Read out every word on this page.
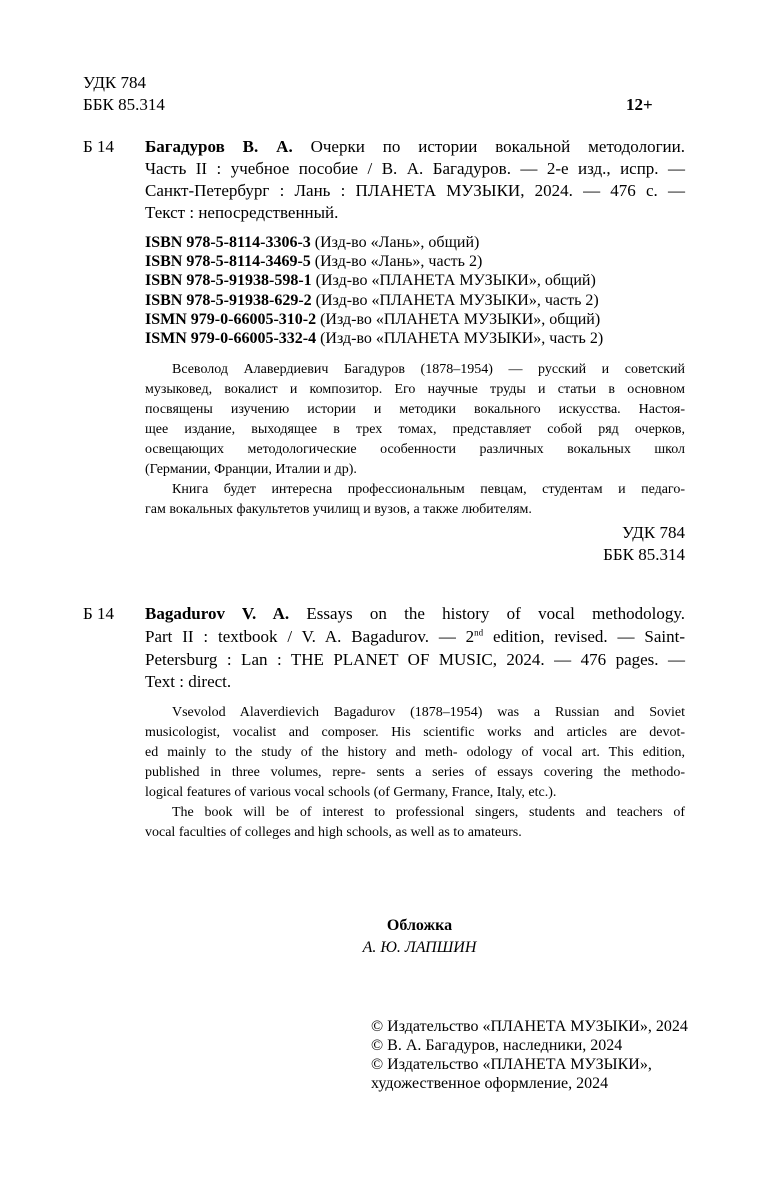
УДК 784
ББК 85.314	12+
Б 14 Багадуров В. А. Очерки по истории вокальной методологии.
Часть II : учебное пособие / В. А. Багадуров. — 2-е изд., испр. —
Санкт-Петербург : Лань : ПЛАНЕТА МУЗЫКИ, 2024. — 476 с. —
Текст : непосредственный.
ISBN 978-5-8114-3306-3 (Изд-во «Лань», общий)
ISBN 978-5-8114-3469-5 (Изд-во «Лань», часть 2)
ISBN 978-5-91938-598-1 (Изд-во «ПЛАНЕТА МУЗЫКИ», общий)
ISBN 978-5-91938-629-2 (Изд-во «ПЛАНЕТА МУЗЫКИ», часть 2)
ISMN 979-0-66005-310-2 (Изд-во «ПЛАНЕТА МУЗЫКИ», общий)
ISMN 979-0-66005-332-4 (Изд-во «ПЛАНЕТА МУЗЫКИ», часть 2)
Всеволод Алавердиевич Багадуров (1878–1954) — русский и советский
музыковед, вокалист и композитор. Его научные труды и статьи в основном
посвящены изучению истории и методики вокального искусства. Настоя-
щее издание, выходящее в трех томах, представляет собой ряд очерков,
освещающих методологические особенности различных вокальных школ
(Германии, Франции, Италии и др).
Книга будет интересна профессиональным певцам, студентам и педаго-
гам вокальных факультетов училищ и вузов, а также любителям.
УДК 784
ББК 85.314
Б 14 Bagadurov V. A. Essays on the history of vocal methodology.
Part II : textbook / V. A. Bagadurov. — 2nd edition, revised. — Saint-
Petersburg : Lan : THE PLANET OF MUSIC, 2024. — 476 pages. —
Text : direct.
Vsevolod Alaverdievich Bagadurov (1878–1954) was a Russian and Soviet
musicologist, vocalist and composer. His scientific works and articles are devot-
ed mainly to the study of the history and meth- odology of vocal art. This edition,
published in three volumes, repre- sents a series of essays covering the methodo-
logical features of various vocal schools (of Germany, France, Italy, etc.).
The book will be of interest to professional singers, students and teachers of
vocal faculties of colleges and high schools, as well as to amateurs.
Обложка
А. Ю. ЛАПШИН
© Издательство «ПЛАНЕТА МУЗЫКИ», 2024
© В. А. Багадуров, наследники, 2024
© Издательство «ПЛАНЕТА МУЗЫКИ»,
художественное оформление, 2024
